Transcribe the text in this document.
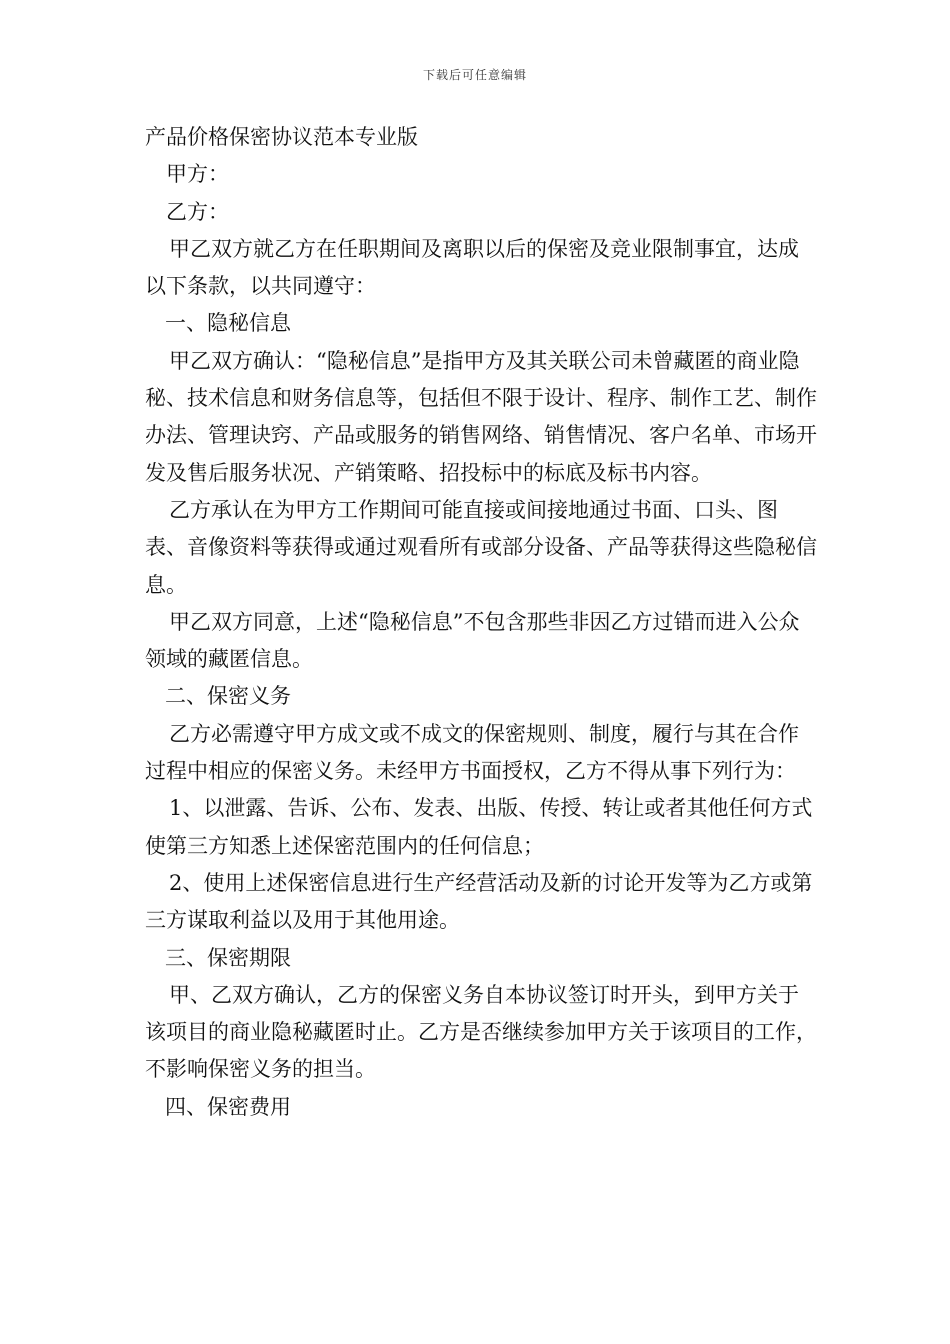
下载后可任意编辑

产品价格保密协议范本专业版

甲方：

乙方：

甲乙双方就乙方在任职期间及离职以后的保密及竞业限制事宜，达成以下条款，以共同遵守：

一、隐秘信息

甲乙双方确认：“隐秘信息”是指甲方及其关联公司未曾藏匿的商业隐秘、技术信息和财务信息等，包括但不限于设计、程序、制作工艺、制作办法、管理诀窍、产品或服务的销售网络、销售情况、客户名单、市场开发及售后服务状况、产销策略、招投标中的标底及标书内容。

乙方承认在为甲方工作期间可能直接或间接地通过书面、口头、图表、音像资料等获得或通过观看所有或部分设备、产品等获得这些隐秘信息。

甲乙双方同意，上述“隐秘信息”不包含那些非因乙方过错而进入公众领域的藏匿信息。

二、保密义务

乙方必需遵守甲方成文或不成文的保密规则、制度，履行与其在合作过程中相应的保密义务。未经甲方书面授权，乙方不得从事下列行为：

1、以泄露、告诉、公布、发表、出版、传授、转让或者其他任何方式使第三方知悉上述保密范围内的任何信息；

2、使用上述保密信息进行生产经营活动及新的讨论开发等为乙方或第三方谋取利益以及用于其他用途。

三、保密期限

甲、乙双方确认，乙方的保密义务自本协议签订时开头，到甲方关于该项目的商业隐秘藏匿时止。乙方是否继续参加甲方关于该项目的工作，不影响保密义务的担当。

四、保密费用
